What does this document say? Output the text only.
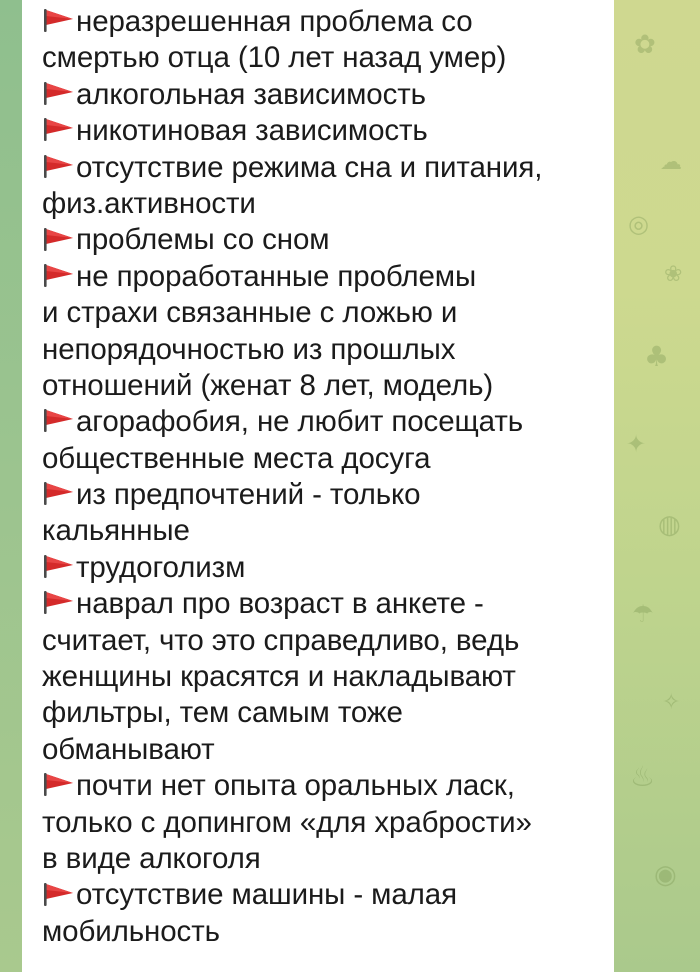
✿
☁
◎
❀
♣
✦
◍
☂
✧
♨
◉
неразрешенная проблема со
смертью отца (10 лет назад умер)
алкогольная зависимость
никотиновая зависимость
отсутствие режима сна и питания,
физ.активности
проблемы со сном
не проработанные проблемы
и страхи связанные с ложью и
непорядочностью из прошлых
отношений (женат 8 лет, модель)
агорафобия, не любит посещать
общественные места досуга
из предпочтений - только
кальянные
трудоголизм
наврал про возраст в анкете -
считает, что это справедливо, ведь
женщины красятся и накладывают
фильтры, тем самым тоже
обманывают
почти нет опыта оральных ласк,
только с допингом «для храбрости»
в виде алкоголя
отсутствие машины - малая
мобильность
